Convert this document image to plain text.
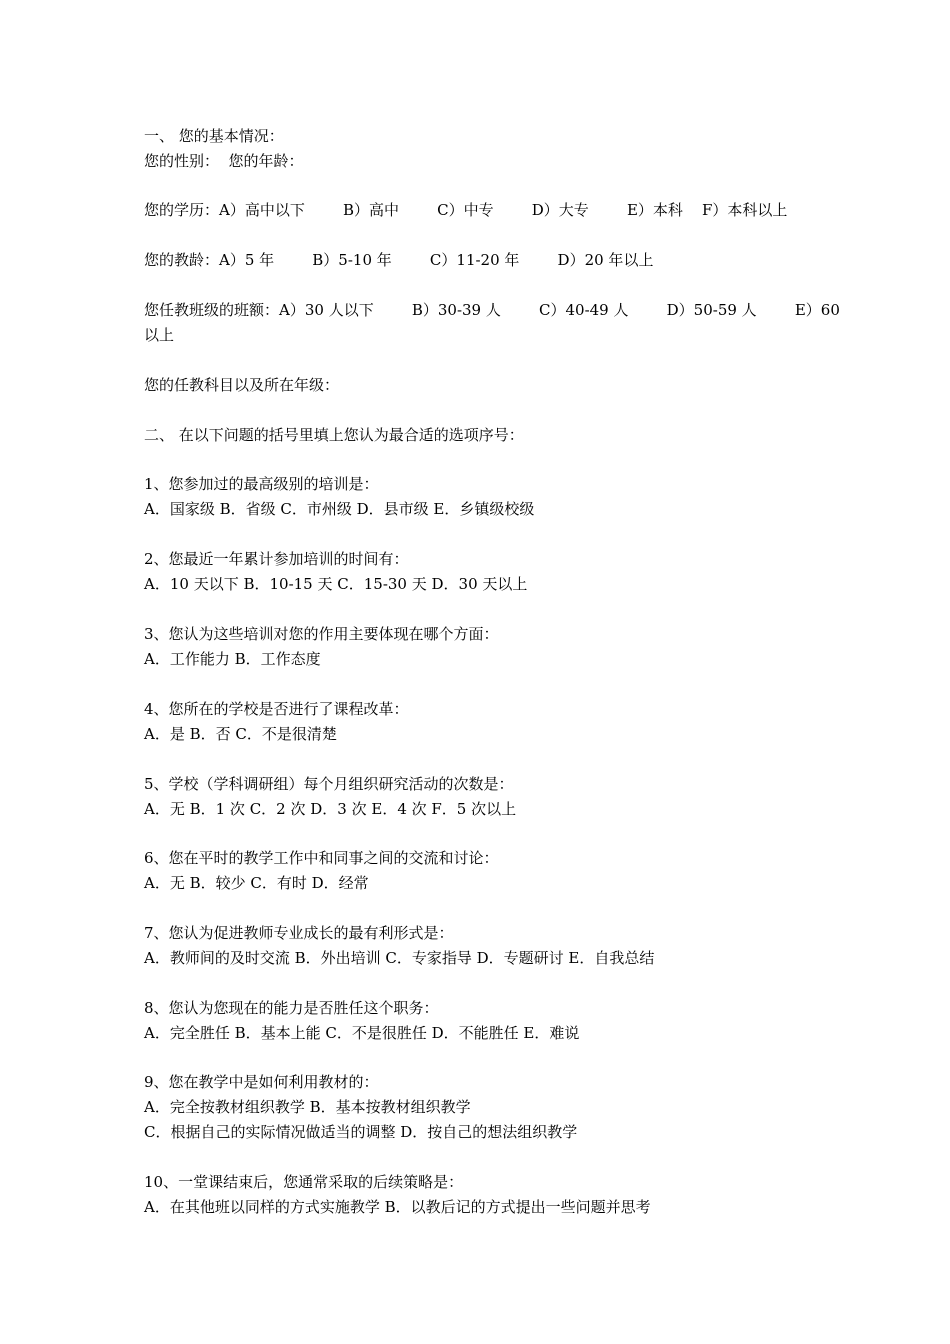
一、 您的基本情况：
您的性别：  您的年龄：
您的学历：A）高中以下        B）高中        C）中专        D）大专        E）本科    F）本科以上
您的教龄：A）5 年        B）5-10 年        C）11-20 年        D）20 年以上
您任教班级的班额：A）30 人以下        B）30-39 人        C）40-49 人        D）50-59 人        E）60
以上
您的任教科目以及所在年级：
二、 在以下问题的括号里填上您认为最合适的选项序号：
1、您参加过的最高级别的培训是：
A．国家级 B．省级 C．市州级 D．县市级 E．乡镇级校级
2、您最近一年累计参加培训的时间有：
A．10 天以下 B．10-15 天 C．15-30 天 D．30 天以上
3、您认为这些培训对您的作用主要体现在哪个方面：
A．工作能力 B．工作态度
4、您所在的学校是否进行了课程改革：
A．是 B．否 C．不是很清楚
5、学校（学科调研组）每个月组织研究活动的次数是：
A．无 B．1 次 C．2 次 D．3 次 E．4 次 F．5 次以上
6、您在平时的教学工作中和同事之间的交流和讨论：
A．无 B．较少 C．有时 D．经常
7、您认为促进教师专业成长的最有利形式是：
A．教师间的及时交流 B．外出培训 C．专家指导 D．专题研讨 E．自我总结
8、您认为您现在的能力是否胜任这个职务：
A．完全胜任 B．基本上能 C．不是很胜任 D．不能胜任 E．难说
9、您在教学中是如何利用教材的：
A．完全按教材组织教学 B．基本按教材组织教学
C．根据自己的实际情况做适当的调整 D．按自己的想法组织教学
10、一堂课结束后，您通常采取的后续策略是：
A．在其他班以同样的方式实施教学 B．以教后记的方式提出一些问题并思考
